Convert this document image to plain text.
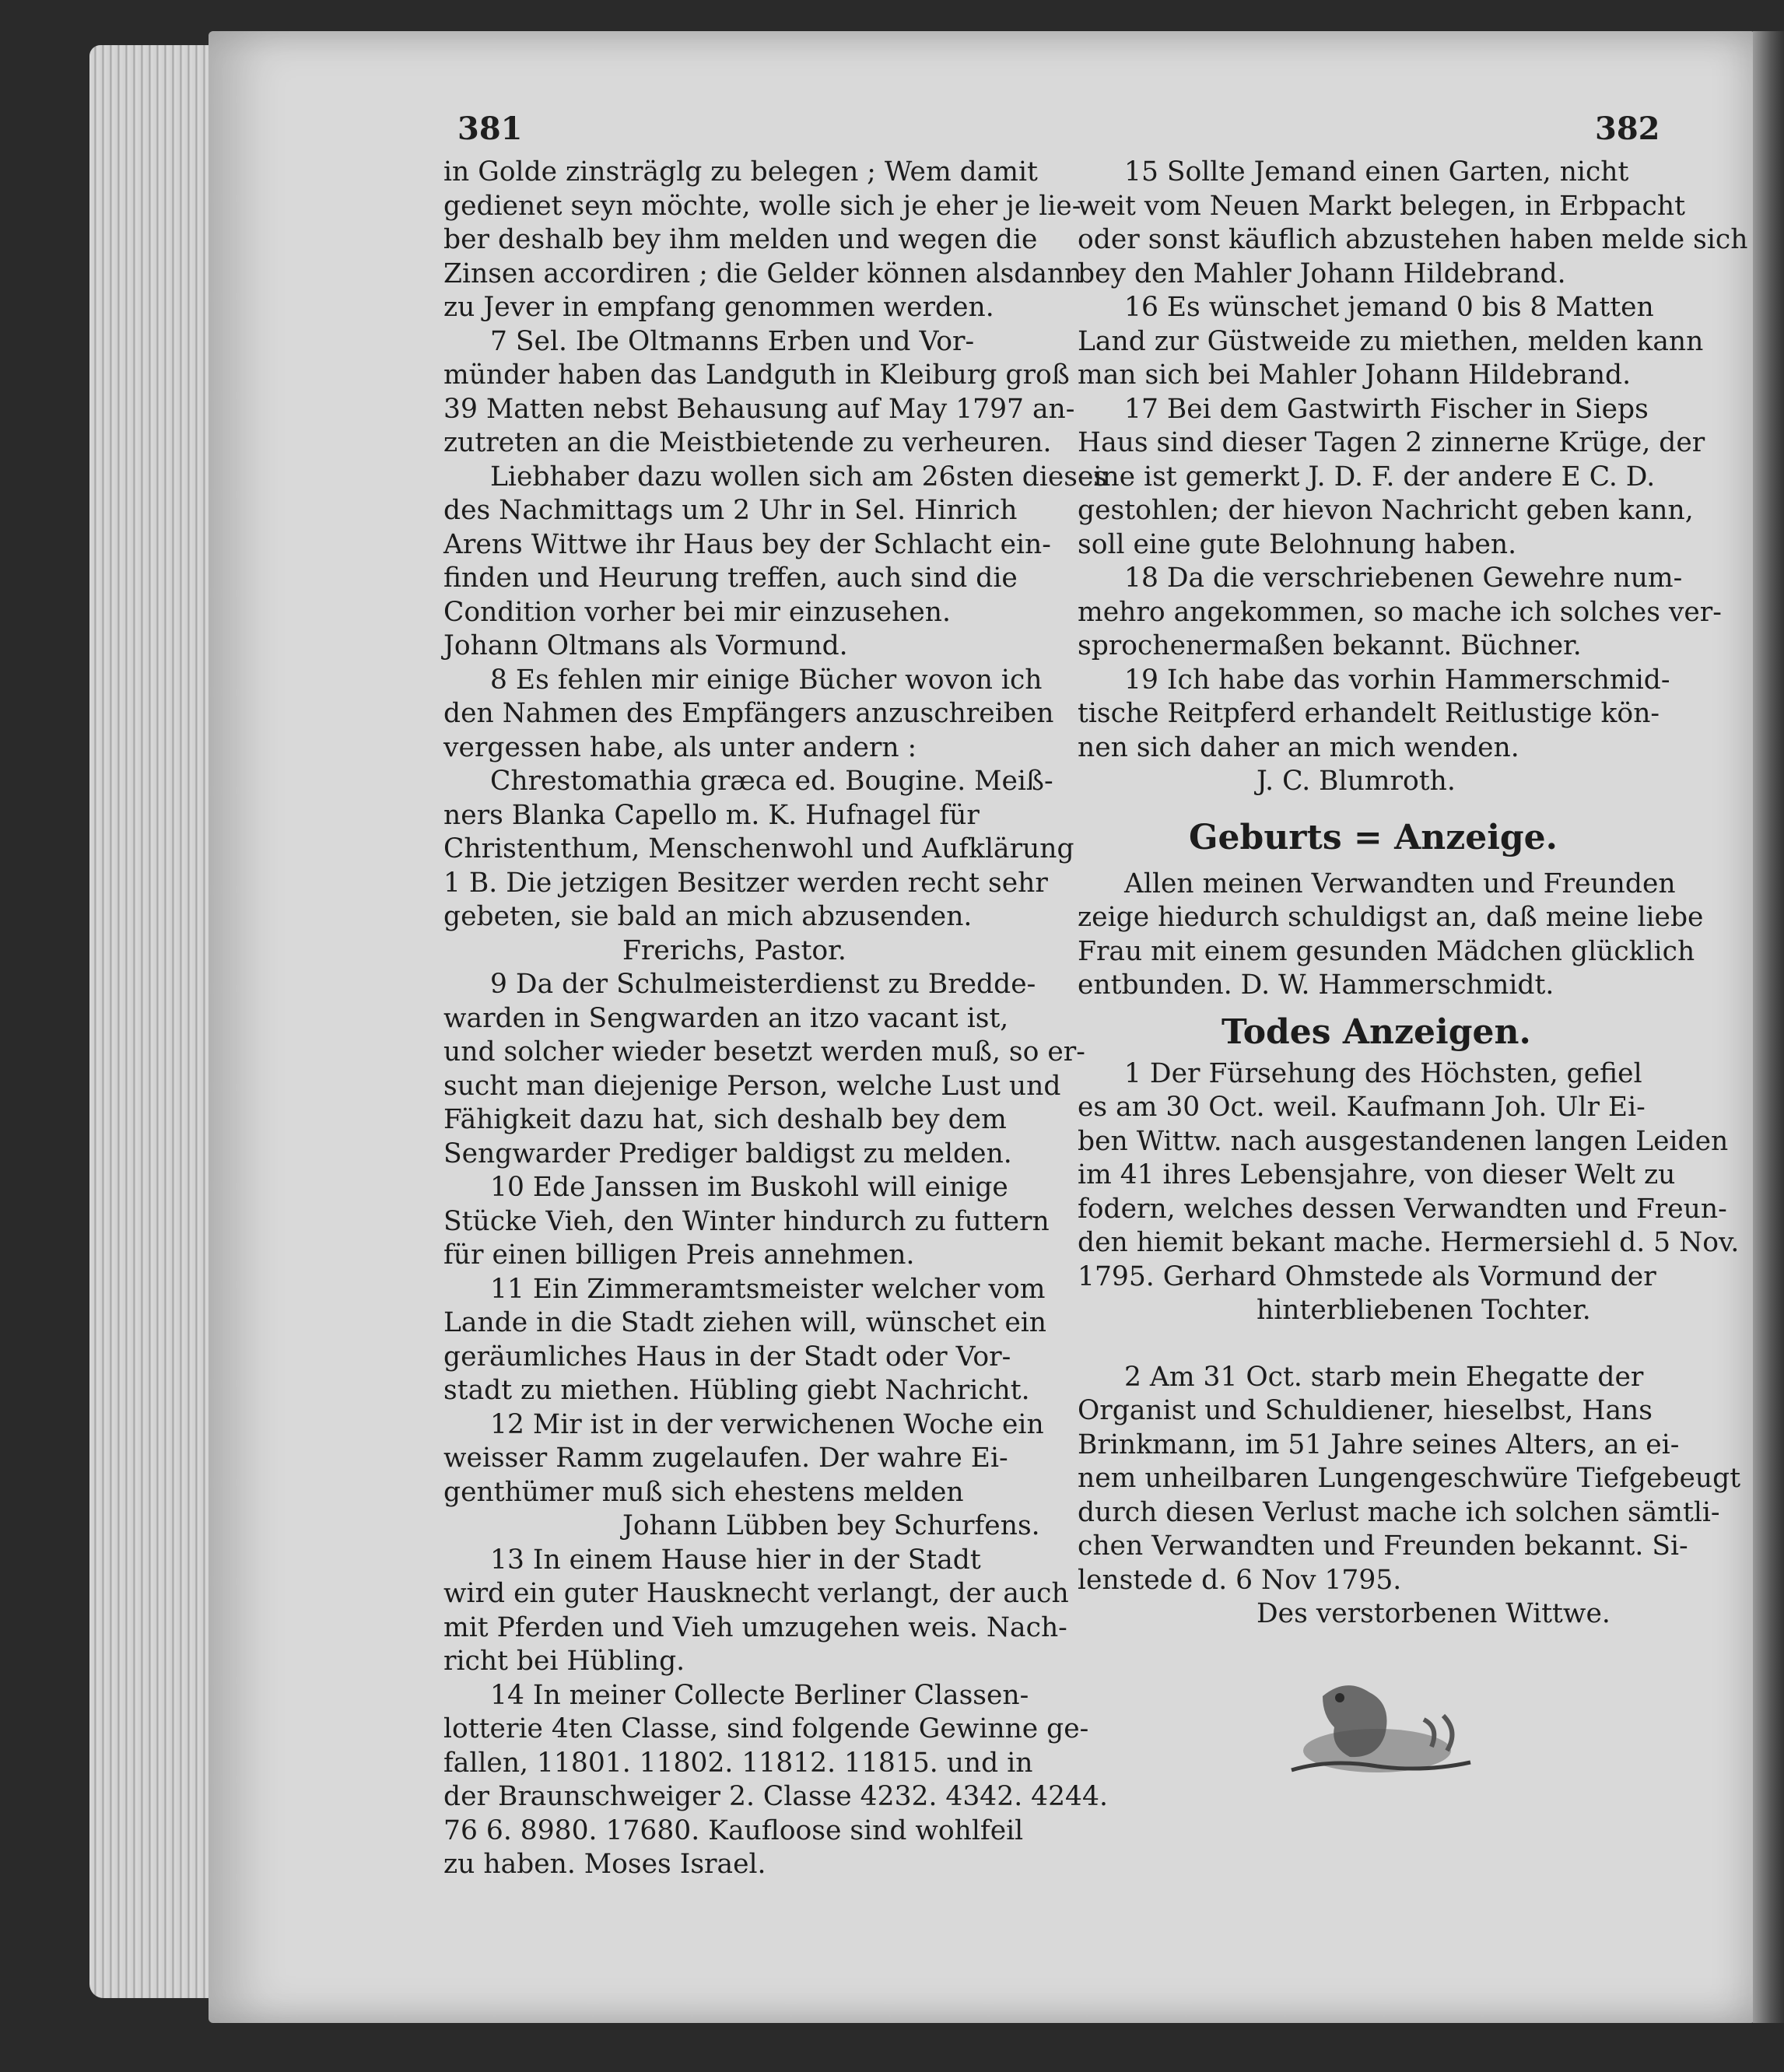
381	382

in Golde zinsträglg zu belegen ; Wem damit
gedienet seyn möchte, wolle sich je eher je lie-
ber deshalb bey ihm melden und wegen die
Zinsen accordiren ; die Gelder können alsdann
zu Jever in empfang genommen werden.

7 Sel. Ibe Oltmanns Erben und Vor-

münder haben das Landguth in Kleiburg groß
39 Matten nebst Behausung auf May 1797 an-
zutreten an die Meistbietende zu verheuren.

Liebhaber dazu wollen sich am 26sten dieses

des Nachmittags um 2 Uhr in Sel. Hinrich
Arens Wittwe ihr Haus bey der Schlacht ein-
finden und Heurung treffen, auch sind die
Condition vorher bei mir einzusehen.

Johann Oltmans als Vormund.

8 Es fehlen mir einige Bücher wovon ich

den Nahmen des Empfängers anzuschreiben
vergessen habe, als unter andern :

Chrestomathia græca ed. Bougine. Meiß-

ners Blanka Capello m. K. Hufnagel für
Christenthum, Menschenwohl und Aufklärung
1 B. Die jetzigen Besitzer werden recht sehr
gebeten, sie bald an mich abzusenden.

Frerichs, Pastor.

9 Da der Schulmeisterdienst zu Bredde-

warden in Sengwarden an itzo vacant ist,
und solcher wieder besetzt werden muß, so er-
sucht man diejenige Person, welche Lust und
Fähigkeit dazu hat, sich deshalb bey dem
Sengwarder Prediger baldigst zu melden.

10 Ede Janssen im Buskohl will einige

Stücke Vieh, den Winter hindurch zu futtern
für einen billigen Preis annehmen.

11 Ein Zimmeramtsmeister welcher vom

Lande in die Stadt ziehen will, wünschet ein
geräumliches Haus in der Stadt oder Vor-
stadt zu miethen. Hübling giebt Nachricht.

12 Mir ist in der verwichenen Woche ein

weisser Ramm zugelaufen. Der wahre Ei-
genthümer muß sich ehestens melden

Johann Lübben bey Schurfens.

13 In einem Hause hier in der Stadt

wird ein guter Hausknecht verlangt, der auch
mit Pferden und Vieh umzugehen weis. Nach-
richt bei Hübling.

14 In meiner Collecte Berliner Classen-

lotterie 4ten Classe, sind folgende Gewinne ge-
fallen, 11801. 11802. 11812. 11815. und in
der Braunschweiger 2. Classe 4232. 4342. 4244.
76 6. 8980. 17680. Kaufloose sind wohlfeil
zu haben. Moses Israel.

15 Sollte Jemand einen Garten, nicht

weit vom Neuen Markt belegen, in Erbpacht
oder sonst käuflich abzustehen haben melde sich
bey den Mahler Johann Hildebrand.

16 Es wünschet jemand 0 bis 8 Matten

Land zur Güstweide zu miethen, melden kann
man sich bei Mahler Johann Hildebrand.

17 Bei dem Gastwirth Fischer in Sieps

Haus sind dieser Tagen 2 zinnerne Krüge, der
eine ist gemerkt J. D. F. der andere E C. D.
gestohlen; der hievon Nachricht geben kann,
soll eine gute Belohnung haben.

18 Da die verschriebenen Gewehre num-

mehro angekommen, so mache ich solches ver-
sprochenermaßen bekannt. Büchner.

19 Ich habe das vorhin Hammerschmid-

tische Reitpferd erhandelt Reitlustige kön-
nen sich daher an mich wenden.

J. C. Blumroth.

Geburts = Anzeige.

Allen meinen Verwandten und Freunden

zeige hiedurch schuldigst an, daß meine liebe
Frau mit einem gesunden Mädchen glücklich
entbunden. D. W. Hammerschmidt.

Todes Anzeigen.

1 Der Fürsehung des Höchsten, gefiel

es am 30 Oct. weil. Kaufmann Joh. Ulr Ei-
ben Wittw. nach ausgestandenen langen Leiden
im 41 ihres Lebensjahre, von dieser Welt zu
fodern, welches dessen Verwandten und Freun-
den hiemit bekant mache. Hermersiehl d. 5 Nov.
1795. Gerhard Ohmstede als Vormund der

hinterbliebenen Tochter.

2 Am 31 Oct. starb mein Ehegatte der

Organist und Schuldiener, hieselbst, Hans
Brinkmann, im 51 Jahre seines Alters, an ei-
nem unheilbaren Lungengeschwüre Tiefgebeugt
durch diesen Verlust mache ich solchen sämtli-
chen Verwandten und Freunden bekannt. Si-
lenstede d. 6 Nov 1795.

Des verstorbenen Wittwe.
